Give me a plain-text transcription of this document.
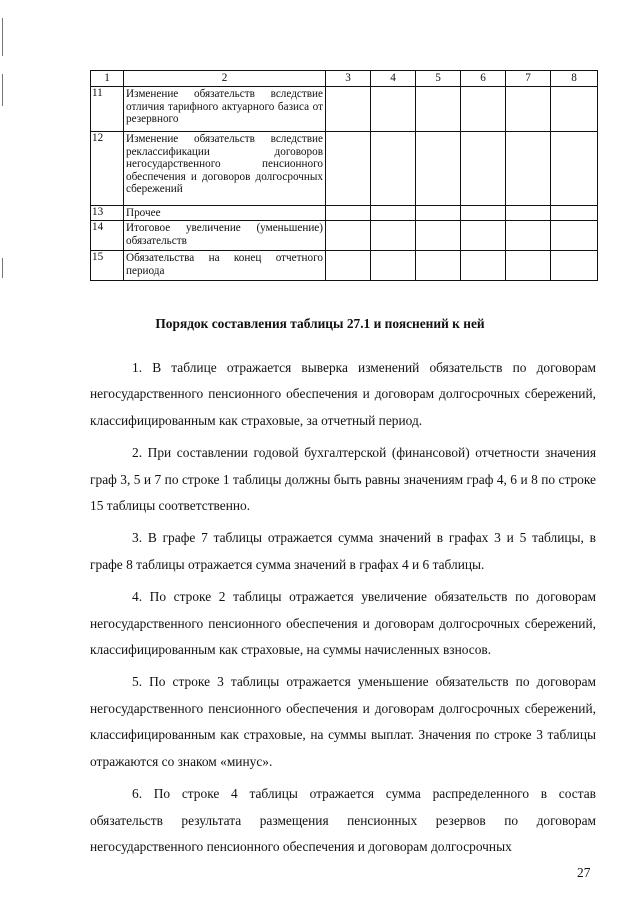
1	2	3	4	5	6	7	8
11	Изменение обязательств вследствие отличия тарифного актуарного базиса от резервного						
12	Изменение обязательств вследствие реклассификации договоров негосударственного пенсионного обеспечения и договоров долгосрочных сбережений						
13	Прочее						
14	Итоговое увеличение (уменьшение) обязательств						
15	Обязательства на конец отчетного периода						
Порядок составления таблицы 27.1 и пояснений к ней

1. В таблице отражается выверка изменений обязательств по договорам негосударственного пенсионного обеспечения и договорам долгосрочных сбережений, классифицированным как страховые, за отчетный период.

2. При составлении годовой бухгалтерской (финансовой) отчетности значения граф 3, 5 и 7 по строке 1 таблицы должны быть равны значениям граф 4, 6 и 8 по строке 15 таблицы соответственно.

3. В графе 7 таблицы отражается сумма значений в графах 3 и 5 таблицы, в графе 8 таблицы отражается сумма значений в графах 4 и 6 таблицы.

4. По строке 2 таблицы отражается увеличение обязательств по договорам негосударственного пенсионного обеспечения и договорам долгосрочных сбережений, классифицированным как страховые, на суммы начисленных взносов.

5. По строке 3 таблицы отражается уменьшение обязательств по договорам негосударственного пенсионного обеспечения и договорам долгосрочных сбережений, классифицированным как страховые, на суммы выплат. Значения по строке 3 таблицы отражаются со знаком «минус».

6. По строке 4 таблицы отражается сумма распределенного в состав обязательств результата размещения пенсионных резервов по договорам негосударственного пенсионного обеспечения и договорам долгосрочных

27
